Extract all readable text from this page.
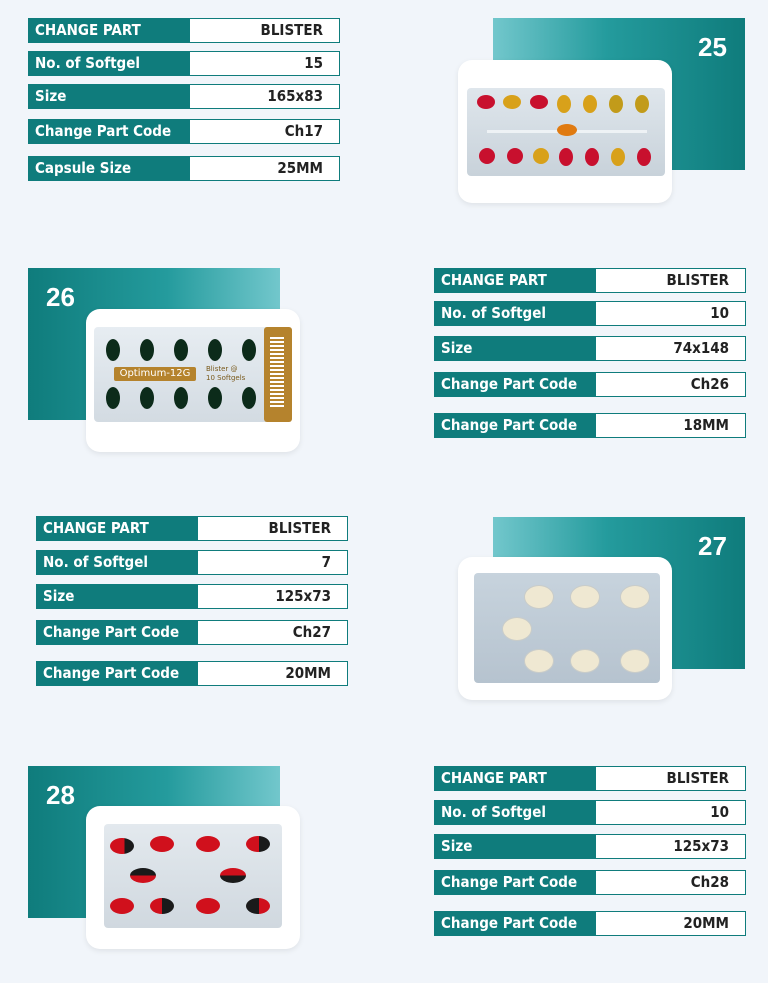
CHANGE PART	BLISTER
No. of Softgel	15
Size	165x83
Change Part Code	Ch17
Capsule Size	25MM
25
26
Optimum-12G	Blister @
10 Softgels
CHANGE PART	BLISTER
No. of Softgel	10
Size	74x148
Change Part Code	Ch26
Change Part Code	18MM
CHANGE PART	BLISTER
No. of Softgel	7
Size	125x73
Change Part Code	Ch27
Change Part Code	20MM
27
28
CHANGE PART	BLISTER
No. of Softgel	10
Size	125x73
Change Part Code	Ch28
Change Part Code	20MM
